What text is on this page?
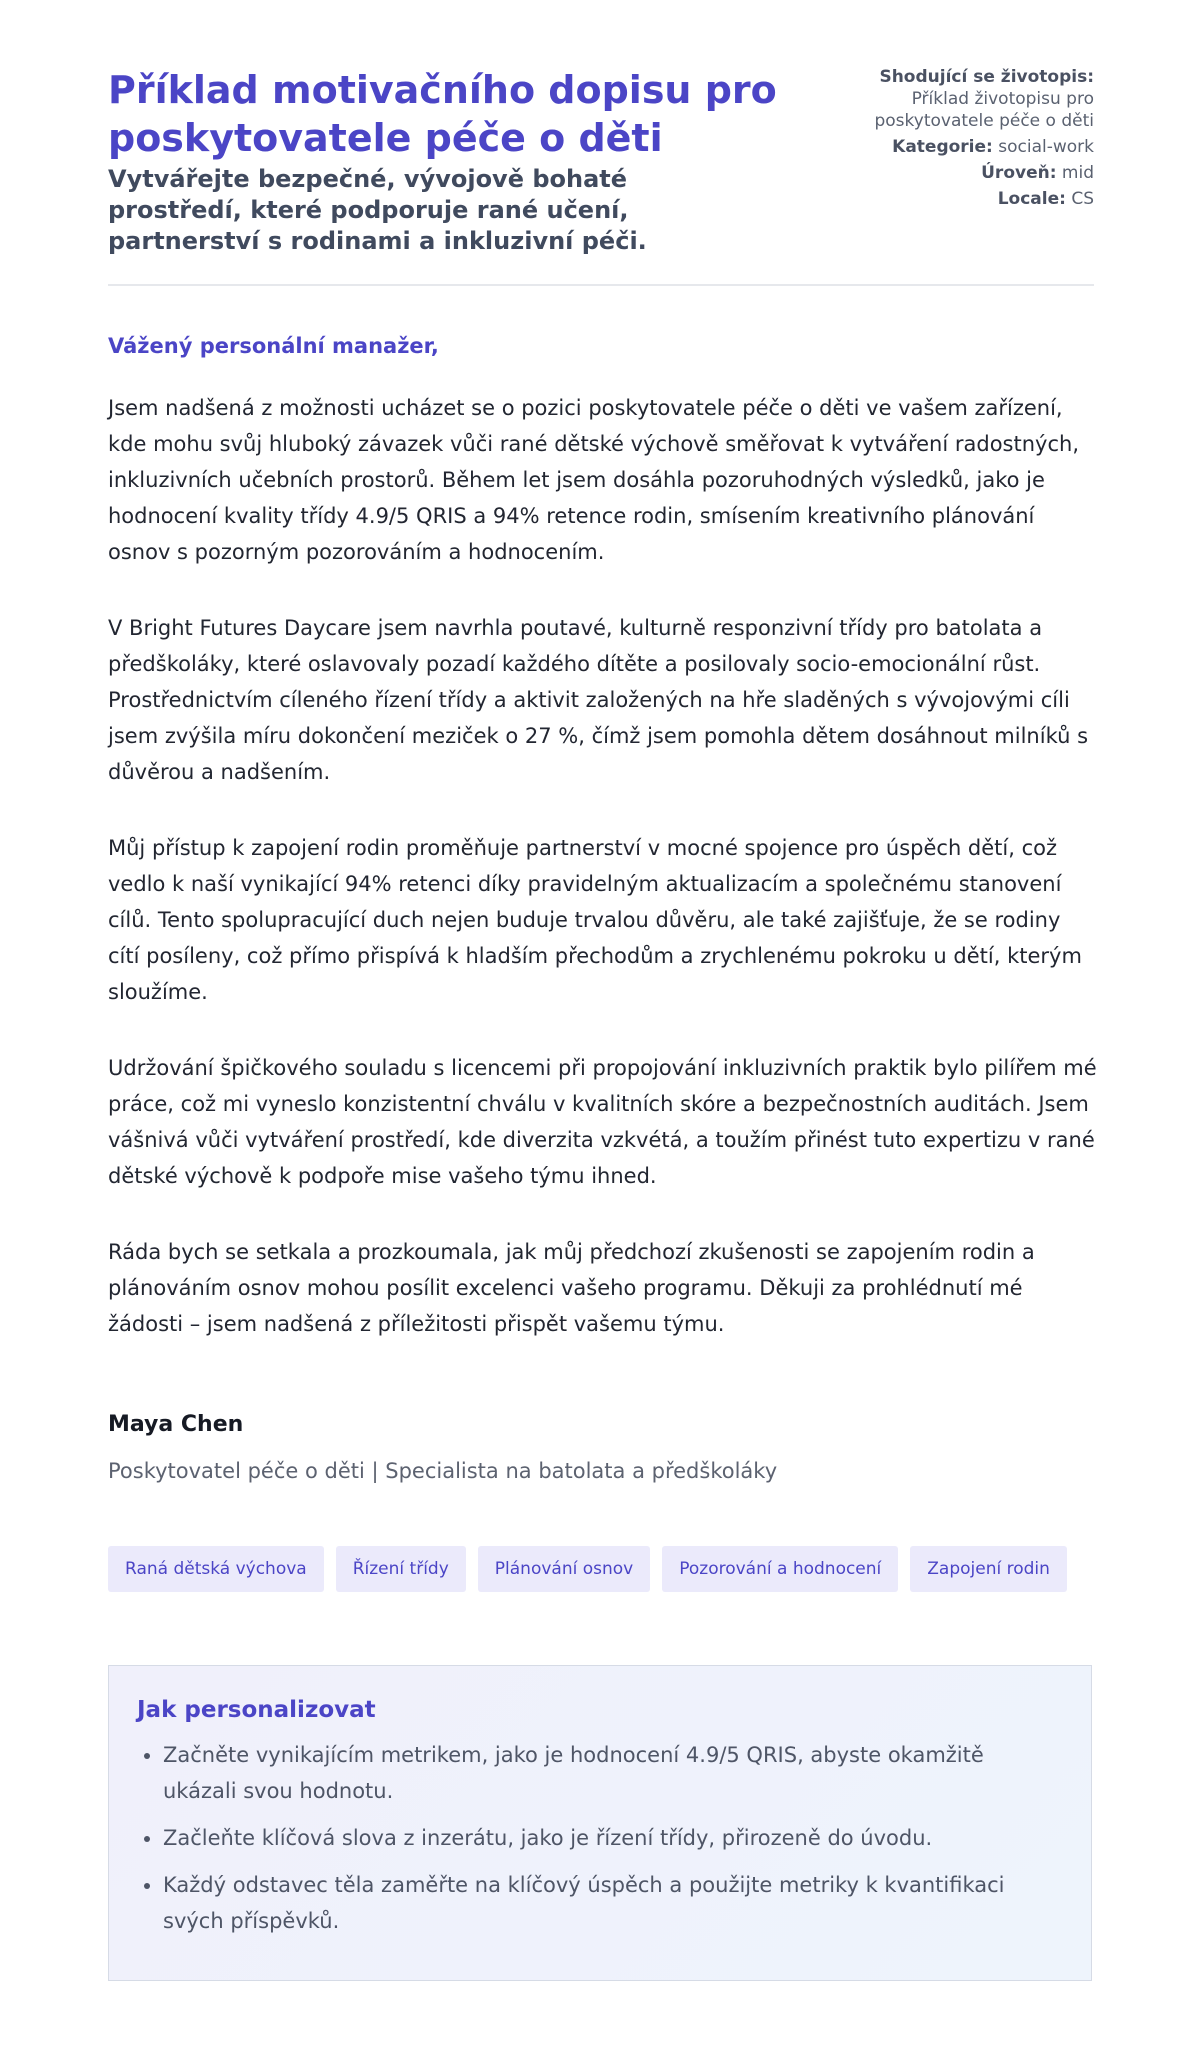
Příklad motivačního dopisu pro poskytovatele péče o děti
Vytvářejte bezpečné, vývojově bohaté prostředí, které podporuje rané učení, partnerství s rodinami a inkluzivní péči.
Shodující se životopis:
Příklad životopisu pro poskytovatele péče o děti
Kategorie: social-work
Úroveň: mid
Locale: CS

Vážený personální manažer,

Jsem nadšená z možnosti ucházet se o pozici poskytovatele péče o děti ve vašem zařízení, kde mohu svůj hluboký závazek vůči rané dětské výchově směřovat k vytváření radostných, inkluzivních učebních prostorů. Během let jsem dosáhla pozoruhodných výsledků, jako je hodnocení kvality třídy 4.9/5 QRIS a 94% retence rodin, smísením kreativního plánování osnov s pozorným pozorováním a hodnocením.

V Bright Futures Daycare jsem navrhla poutavé, kulturně responzivní třídy pro batolata a předškoláky, které oslavovaly pozadí každého dítěte a posilovaly socio-emocionální růst. Prostřednictvím cíleného řízení třídy a aktivit založených na hře sladěných s vývojovými cíli jsem zvýšila míru dokončení meziček o 27 %, čímž jsem pomohla dětem dosáhnout milníků s důvěrou a nadšením.

Můj přístup k zapojení rodin proměňuje partnerství v mocné spojence pro úspěch dětí, což vedlo k naší vynikající 94% retenci díky pravidelným aktualizacím a společnému stanovení cílů. Tento spolupracující duch nejen buduje trvalou důvěru, ale také zajišťuje, že se rodiny cítí posíleny, což přímo přispívá k hladším přechodům a zrychlenému pokroku u dětí, kterým sloužíme.

Udržování špičkového souladu s licencemi při propojování inkluzivních praktik bylo pilířem mé práce, což mi vyneslo konzistentní chválu v kvalitních skóre a bezpečnostních auditách. Jsem vášnivá vůči vytváření prostředí, kde diverzita vzkvétá, a toužím přinést tuto expertizu v rané dětské výchově k podpoře mise vašeho týmu ihned.

Ráda bych se setkala a prozkoumala, jak můj předchozí zkušenosti se zapojením rodin a plánováním osnov mohou posílit excelenci vašeho programu. Děkuji za prohlédnutí mé žádosti – jsem nadšená z příležitosti přispět vašemu týmu.

Maya Chen

Poskytovatel péče o děti | Specialista na batolata a předškoláky

Raná dětská výchova	Řízení třídy	Plánování osnov	Pozorování a hodnocení	Zapojení rodin
Jak personalizovat
• Začněte vynikajícím metrikem, jako je hodnocení 4.9/5 QRIS, abyste okamžitě ukázali svou hodnotu.
• Začleňte klíčová slova z inzerátu, jako je řízení třídy, přirozeně do úvodu.
• Každý odstavec těla zaměřte na klíčový úspěch a použijte metriky k kvantifikaci svých příspěvků.
